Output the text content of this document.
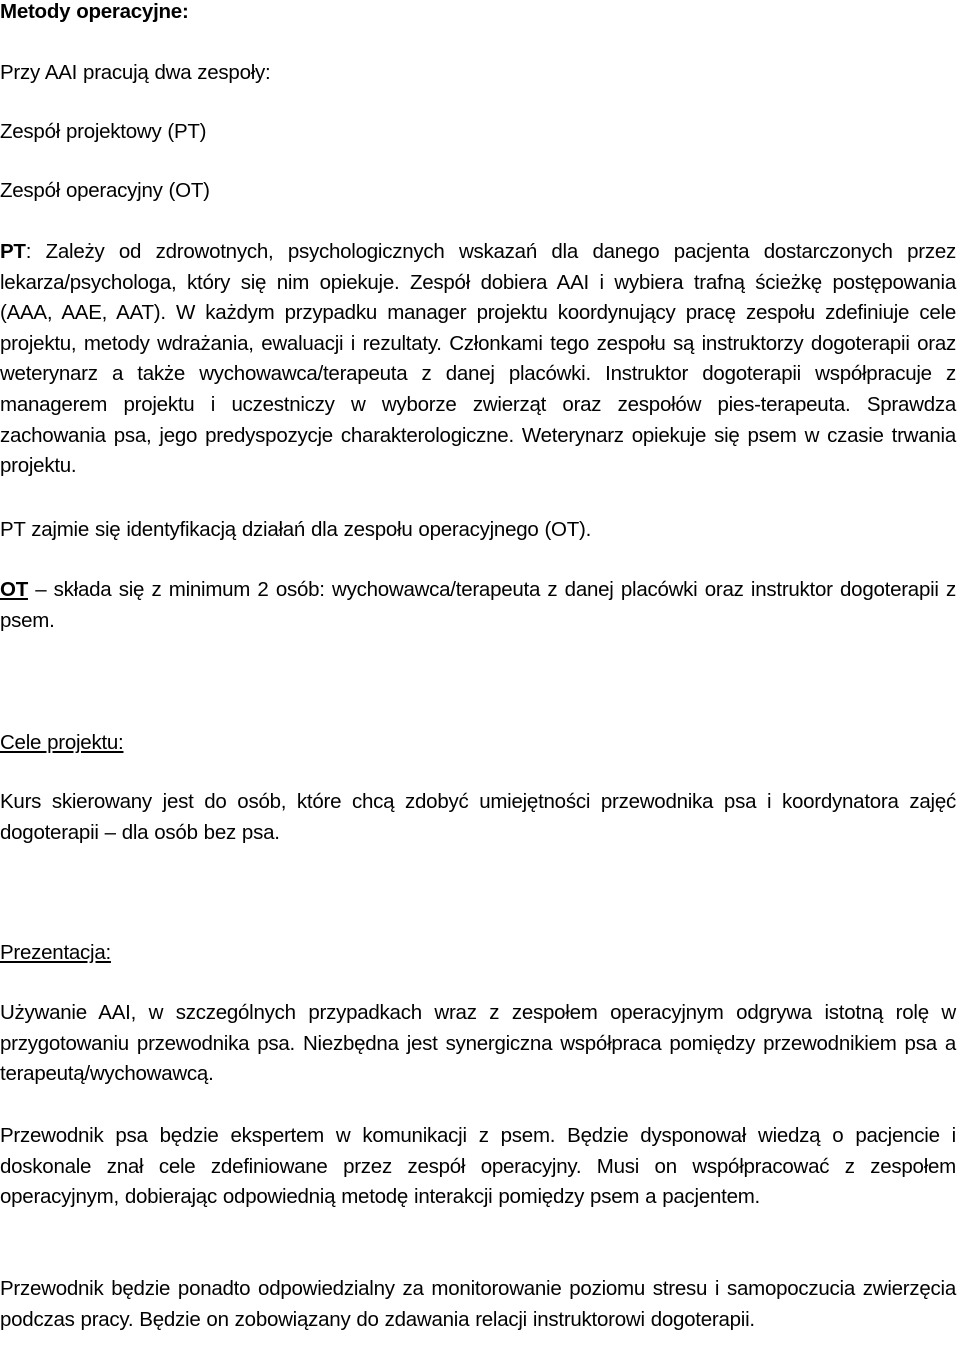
Metody operacyjne:
Przy AAI pracują dwa zespoły:
Zespół projektowy (PT)
Zespół operacyjny (OT)

PT: Zależy od zdrowotnych, psychologicznych wskazań dla danego pacjenta dostarczonych przez lekarza/psychologa, który się nim opiekuje. Zespół dobiera AAI i wybiera trafną ścieżkę postępowania (AAA, AAE, AAT). W każdym przypadku manager projektu koordynujący pracę zespołu zdefiniuje cele projektu, metody wdrażania, ewaluacji i rezultaty. Członkami tego zespołu są instruktorzy dogoterapii oraz weterynarz a także wychowawca/terapeuta z danej placówki. Instruktor dogoterapii współpracuje z managerem projektu i uczestniczy w wyborze zwierząt oraz zespołów pies-terapeuta. Sprawdza zachowania psa, jego predyspozycje charakterologiczne. Weterynarz opiekuje się psem w czasie trwania projektu.

PT zajmie się identyfikacją działań dla zespołu operacyjnego (OT).

OT – składa się z minimum 2 osób: wychowawca/terapeuta z danej placówki oraz instruktor dogoterapii z psem.

Cele projektu:

Kurs skierowany jest do osób, które chcą zdobyć umiejętności przewodnika psa i koordynatora zajęć dogoterapii – dla osób bez psa.

Prezentacja:

Używanie AAI, w szczególnych przypadkach wraz z zespołem operacyjnym odgrywa istotną rolę w przygotowaniu przewodnika psa. Niezbędna jest synergiczna współpraca pomiędzy przewodnikiem psa a terapeutą/wychowawcą.

Przewodnik psa będzie ekspertem w komunikacji z psem. Będzie dysponował wiedzą o pacjencie i doskonale znał cele zdefiniowane przez zespół operacyjny. Musi on współpracować z zespołem operacyjnym, dobierając odpowiednią metodę interakcji pomiędzy psem a pacjentem.

Przewodnik będzie ponadto odpowiedzialny za monitorowanie poziomu stresu i samopoczucia zwierzęcia podczas pracy. Będzie on zobowiązany do zdawania relacji instruktorowi dogoterapii.
